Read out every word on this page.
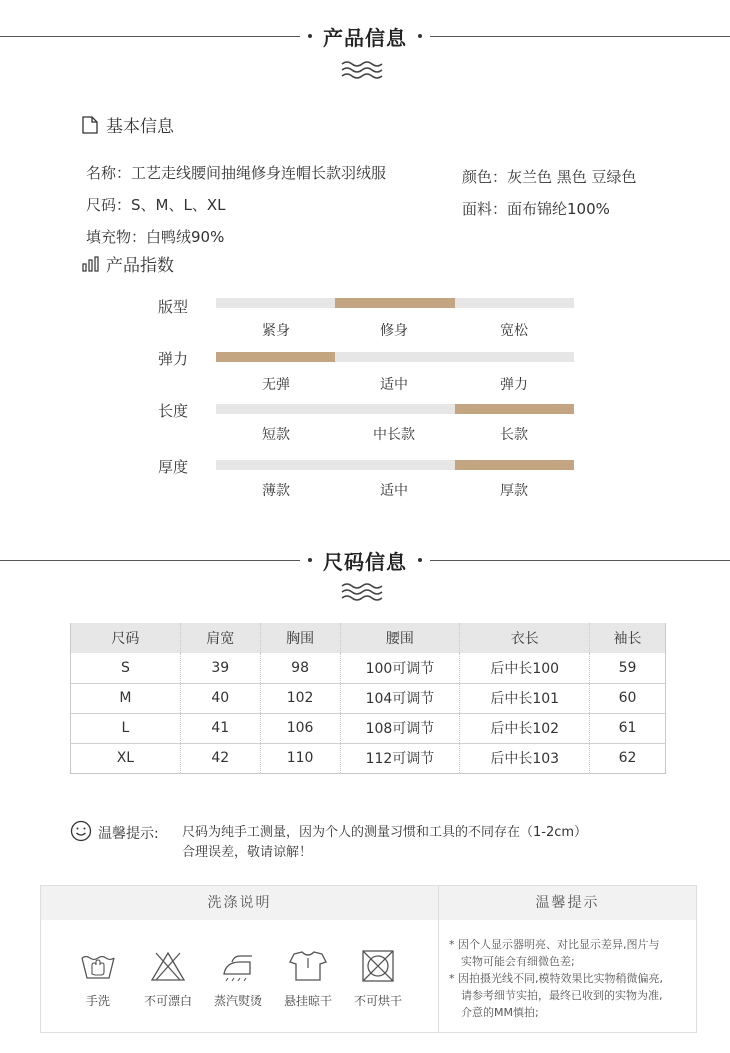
产品信息
基本信息
名称：工艺走线腰间抽绳修身连帽长款羽绒服
尺码：S、M、L、XL
填充物：白鸭绒90%
颜色：灰兰色 黑色 豆绿色
面料：面布锦纶100%
产品指数
版型
紧身	修身	宽松
弹力
无弹	适中	弹力
长度
短款	中长款	长款
厚度
薄款	适中	厚款
尺码信息
尺码	肩宽	胸围	腰围	衣长	袖长
S	39	98	100可调节	后中长100	59
M	40	102	104可调节	后中长101	60
L	41	106	108可调节	后中长102	61
XL	42	110	112可调节	后中长103	62
温馨提示: 尺码为纯手工测量，因为个人的测量习惯和工具的不同存在（1-2cm）
合理误差，敬请谅解！
洗涤说明	温馨提示
手洗	不可漂白	蒸汽熨烫	悬挂晾干	不可烘干

* 因个人显示器明亮、对比显示差异,图片与

实物可能会有细微色差;

* 因拍摄光线不同,模特效果比实物稍微偏亮,

请参考细节实拍，最终已收到的实物为准,

介意的MM慎拍;
